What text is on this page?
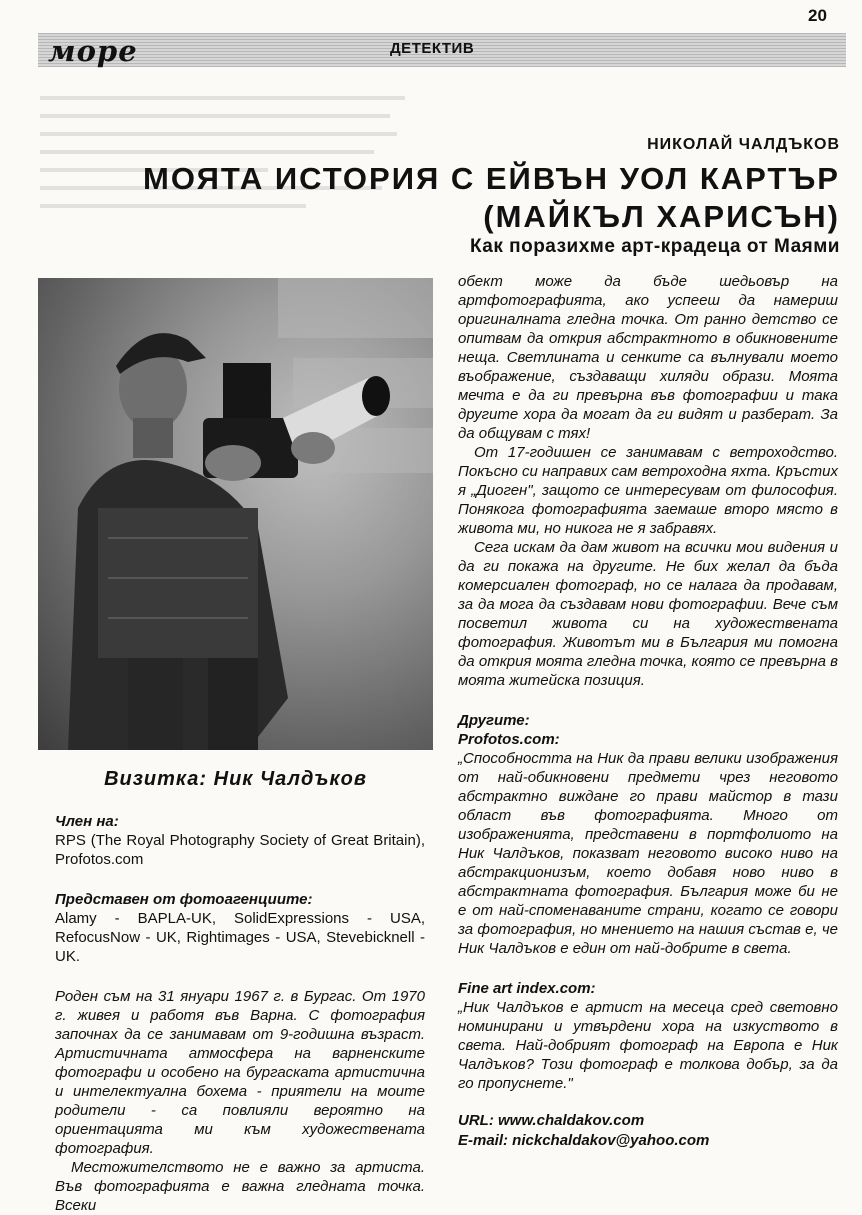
20
море	ДЕТЕКТИВ
НИКОЛАЙ ЧАЛДЪКОВ
МОЯТА ИСТОРИЯ С ЕЙВЪН УОЛ КАРТЪР
(МАЙКЪЛ ХАРИСЪН)
Как поразихме арт-крадеца от Маями
Визитка: Ник Чалдъков

Член на:

RPS (The Royal Photography Society of Great Britain), Profotos.com

Представен от фотоагенциите:

Alamy - BAPLA-UK, SolidExpressions - USA, RefocusNow - UK, Rightimages - USA, Stevebicknell - UK.

Роден съм на 31 януари 1967 г. в Бургас. От 1970 г. живея и работя във Варна. С фотография започнах да се занимавам от 9-годишна възраст. Артистичната атмосфера на варненските фотографи и особено на бургаската артистична и интелектуална бохема - приятели на моите родители - са повлияли вероятно на ориентацията ми към художествената фотография.

Местожителството не е важно за артиста. Във фотографията е важна гледната точка. Всеки

обект може да бъде шедьовър на артфотографията, ако успееш да намериш оригиналната гледна точка. От ранно детство се опитвам да открия абстрактното в обикновените неща. Светлината и сенките са вълнували моето въображение, създаващи хиляди образи. Моята мечта е да ги превърна във фотографии и така другите хора да могат да ги видят и разберат. За да общувам с тях!

От 17-годишен се занимавам с ветроходство. Покъсно си направих сам ветроходна яхта. Кръстих я „Диоген", защото се интересувам от философия. Понякога фотографията заемаше второ място в живота ми, но никога не я забравях.

Сега искам да дам живот на всички мои видения и да ги покажа на другите. Не бих желал да бъда комерсиален фотограф, но се налага да продавам, за да мога да създавам нови фотографии. Вече съм посветил живота си на художествената фотография. Животът ми в България ми помогна да открия моята гледна точка, която се превърна в моята житейска позиция.

Другите:

Profotos.com:

„Способността на Ник да прави велики изображения от най-обикновени предмети чрез неговото абстрактно виждане го прави майстор в тази област във фотографията. Много от изображенията, представени в портфолиото на Ник Чалдъков, показват неговото високо ниво на абстракционизъм, което добавя ново ниво в абстрактната фотография. България може би не е от най-споменаваните страни, когато се говори за фотография, но мнението на нашия състав е, че Ник Чалдъков е един от най-добрите в света.

Fine art index.com:

„Ник Чалдъков е артист на месеца сред световно номинирани и утвърдени хора на изкуството в света. Най-добрият фотограф на Европа е Ник Чалдъков? Този фотограф е толкова добър, за да го пропуснете."

URL: www.chaldakov.com

E-mail: nickchaldakov@yahoo.com
